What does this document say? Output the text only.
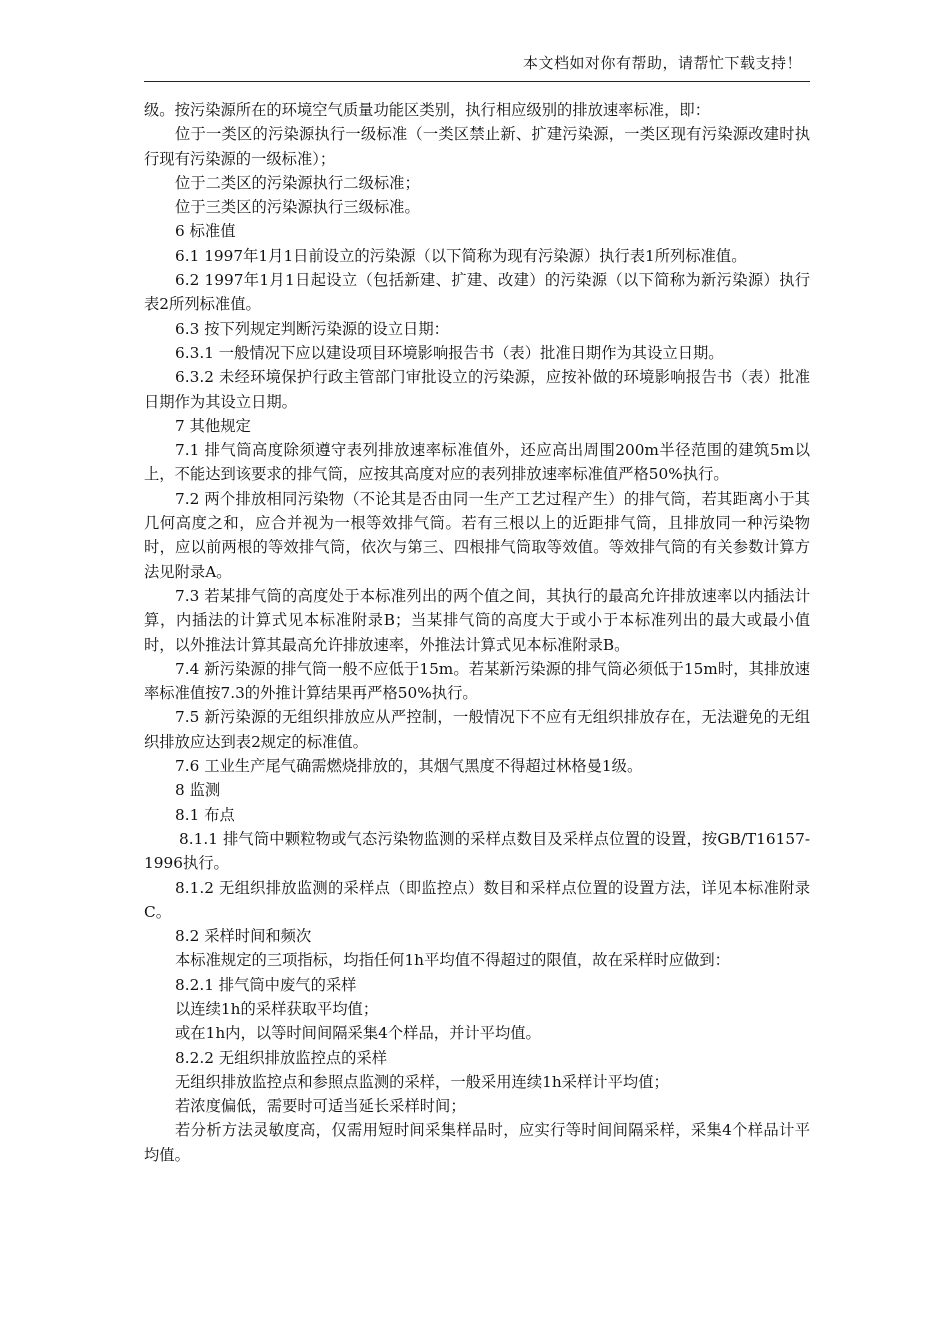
本文档如对你有帮助，请帮忙下载支持！

级。按污染源所在的环境空气质量功能区类别，执行相应级别的排放速率标准，即：

位于一类区的污染源执行一级标准（一类区禁止新、扩建污染源，一类区现有污染源改建时执行现有污染源的一级标准）；

位于二类区的污染源执行二级标准；

位于三类区的污染源执行三级标准。

6 标准值

6.1 1997年1月1日前设立的污染源（以下简称为现有污染源）执行表1所列标准值。

6.2 1997年1月1日起设立（包括新建、扩建、改建）的污染源（以下简称为新污染源）执行表2所列标准值。

6.3 按下列规定判断污染源的设立日期：

6.3.1 一般情况下应以建设项目环境影响报告书（表）批准日期作为其设立日期。

6.3.2 未经环境保护行政主管部门审批设立的污染源，应按补做的环境影响报告书（表）批准日期作为其设立日期。

7 其他规定

7.1 排气筒高度除须遵守表列排放速率标准值外，还应高出周围200m半径范围的建筑5m以上，不能达到该要求的排气筒，应按其高度对应的表列排放速率标准值严格50%执行。

7.2 两个排放相同污染物（不论其是否由同一生产工艺过程产生）的排气筒，若其距离小于其几何高度之和，应合并视为一根等效排气筒。若有三根以上的近距排气筒，且排放同一种污染物时，应以前两根的等效排气筒，依次与第三、四根排气筒取等效值。等效排气筒的有关参数计算方法见附录A。

7.3 若某排气筒的高度处于本标准列出的两个值之间，其执行的最高允许排放速率以内插法计算，内插法的计算式见本标准附录B；当某排气筒的高度大于或小于本标准列出的最大或最小值时，以外推法计算其最高允许排放速率，外推法计算式见本标准附录B。

7.4 新污染源的排气筒一般不应低于15m。若某新污染源的排气筒必须低于15m时，其排放速率标准值按7.3的外推计算结果再严格50%执行。

7.5 新污染源的无组织排放应从严控制，一般情况下不应有无组织排放存在，无法避免的无组织排放应达到表2规定的标准值。

7.6 工业生产尾气确需燃烧排放的，其烟气黑度不得超过林格曼1级。

8 监测

8.1 布点

8.1.1 排气筒中颗粒物或气态污染物监测的采样点数目及采样点位置的设置，按GB/T16157-1996执行。

8.1.2 无组织排放监测的采样点（即监控点）数目和采样点位置的设置方法，详见本标准附录C。

8.2 采样时间和频次

本标准规定的三项指标，均指任何1h平均值不得超过的限值，故在采样时应做到：

8.2.1 排气筒中废气的采样

以连续1h的采样获取平均值；

或在1h内，以等时间间隔采集4个样品，并计平均值。

8.2.2 无组织排放监控点的采样

无组织排放监控点和参照点监测的采样，一般采用连续1h采样计平均值；

若浓度偏低，需要时可适当延长采样时间；

若分析方法灵敏度高，仅需用短时间采集样品时，应实行等时间间隔采样，采集4个样品计平均值。
